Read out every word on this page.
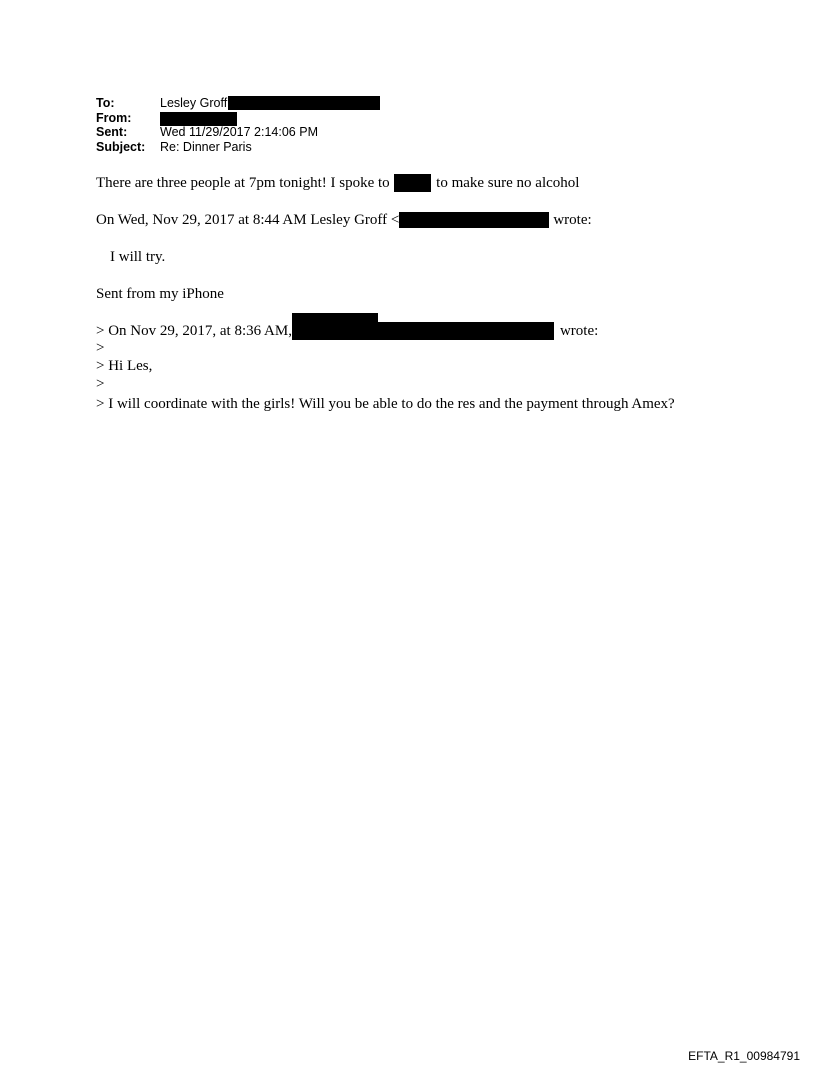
To:	Lesley Groff
From:
Sent:	Wed 11/29/2017 2:14:06 PM
Subject: Re: Dinner Paris
There are three people at 7pm tonight! I spoke to	to make sure no alcohol
On Wed, Nov 29, 2017 at 8:44 AM Lesley Groff <	wrote:
I will try.
Sent from my iPhone
> On Nov 29, 2017, at 8:36 AM,	wrote:
>
> Hi Les,
>
> I will coordinate with the girls! Will you be able to do the res and the payment through Amex?
EFTA_R1_00984791
